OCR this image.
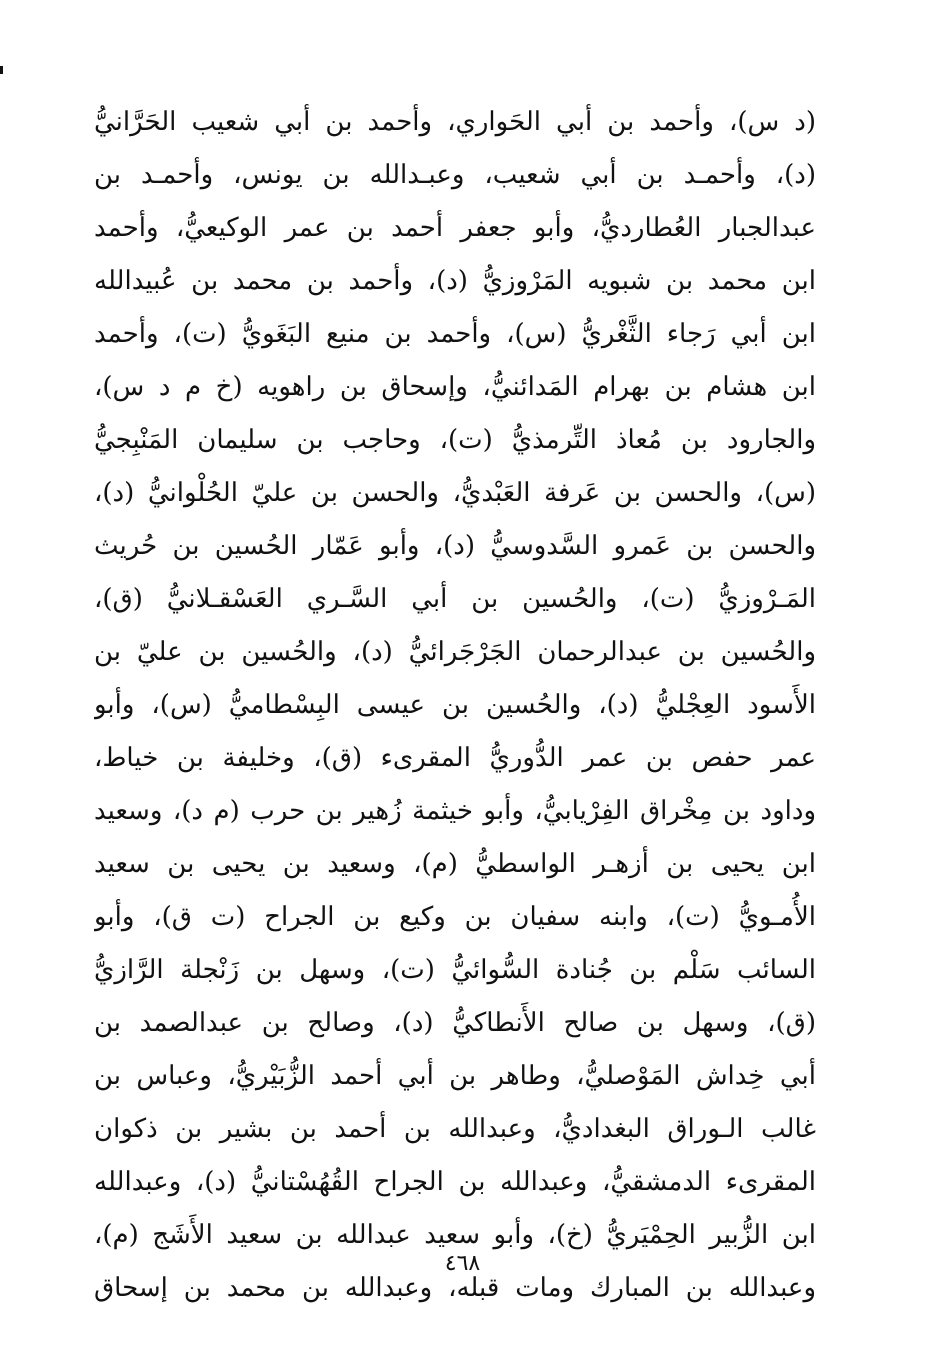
(د س)، وأحمد بن أبي الحَواري، وأحمد بن أبي شعيب الحَرَّانيُّ
(د)، وأحمـد بن أبي شعيب، وعبـدالله بن يونس، وأحمـد بن
عبدالجبار العُطارديُّ، وأبو جعفر أحمد بن عمر الوكيعيُّ، وأحمد
ابن محمد بن شبويه المَرْوزيُّ (د)، وأحمد بن محمد بن عُبيدالله
ابن أبي رَجاء الثَّغْريُّ (س)، وأحمد بن منيع البَغَويُّ (ت)، وأحمد
ابن هشام بن بهرام المَدائنيُّ، وإسحاق بن راهويه (خ م د س)،
والجارود بن مُعاذ التِّرمذيُّ (ت)، وحاجب بن سليمان المَنْبِجيُّ
(س)، والحسن بن عَرفة العَبْديُّ، والحسن بن عليّ الحُلْوانيُّ (د)،
والحسن بن عَمرو السَّدوسيُّ (د)، وأبو عَمّار الحُسين بن حُريث
المَـرْوزيُّ (ت)، والحُسين بن أبي السَّـري العَسْقـلانيُّ (ق)،
والحُسين بن عبدالرحمان الجَرْجَرائيُّ (د)، والحُسين بن عليّ بن
الأَسود العِجْليُّ (د)، والحُسين بن عيسى البِسْطاميُّ (س)، وأبو
عمر حفص بن عمر الدُّوريُّ المقرىء (ق)، وخليفة بن خياط،
وداود بن مِخْراق الفِرْيابيُّ، وأبو خيثمة زُهير بن حرب (م د)، وسعيد
ابن يحيى بن أزهـر الواسطيُّ (م)، وسعيد بن يحيى بن سعيد
الأُمـويُّ (ت)، وابنه سفيان بن وكيع بن الجراح (ت ق)، وأبو
السائب سَلْم بن جُنادة السُّوائيُّ (ت)، وسهل بن زَنْجلة الرَّازيُّ
(ق)، وسهل بن صالح الأَنطاكيُّ (د)، وصالح بن عبدالصمد بن
أبي خِداش المَوْصليُّ، وطاهر بن أبي أحمد الزُّبَيْريُّ، وعباس بن
غالب الـوراق البغداديُّ، وعبدالله بن أحمد بن بشير بن ذكوان
المقرىء الدمشقيُّ، وعبدالله بن الجراح القُهُسْتانيُّ (د)، وعبدالله
ابن الزُّبير الحِمْيَريُّ (خ)، وأبو سعيد عبدالله بن سعيد الأَشَج (م)،
وعبدالله بن المبارك ومات قبله، وعبدالله بن محمد بن إسحاق
٤٦٨
